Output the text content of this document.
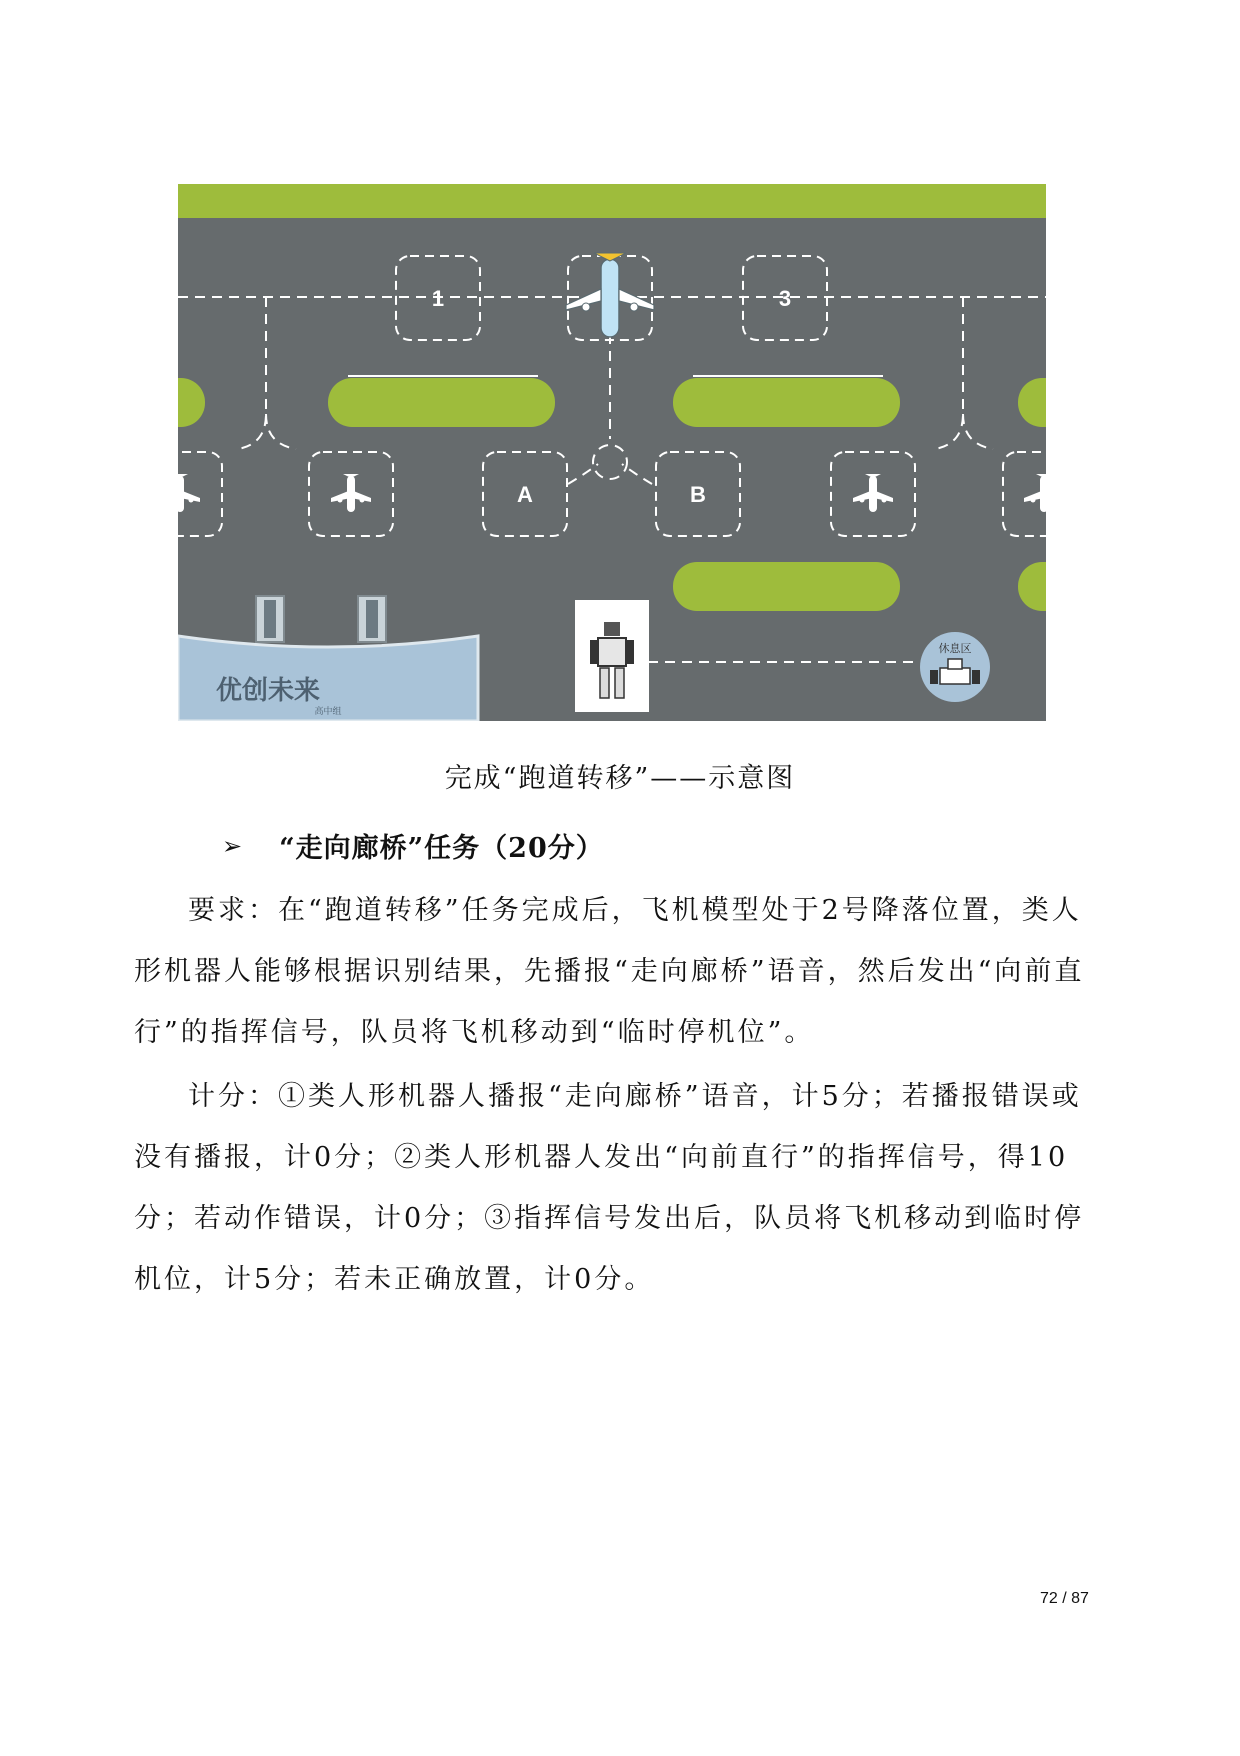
1	3
A	B
优创未来
高中组
休息区
完成“跑道转移”——示意图
➢ “走向廊桥”任务（20分）

要求：在“跑道转移”任务完成后，飞机模型处于2号降落位置，类人形机器人能够根据识别结果，先播报“走向廊桥”语音，然后发出“向前直行”的指挥信号，队员将飞机移动到“临时停机位”。

计分：①类人形机器人播报“走向廊桥”语音，计5分；若播报错误或没有播报，计0分；②类人形机器人发出“向前直行”的指挥信号，得10分；若动作错误，计0分；③指挥信号发出后，队员将飞机移动到临时停机位，计5分；若未正确放置，计0分。

72 / 87
